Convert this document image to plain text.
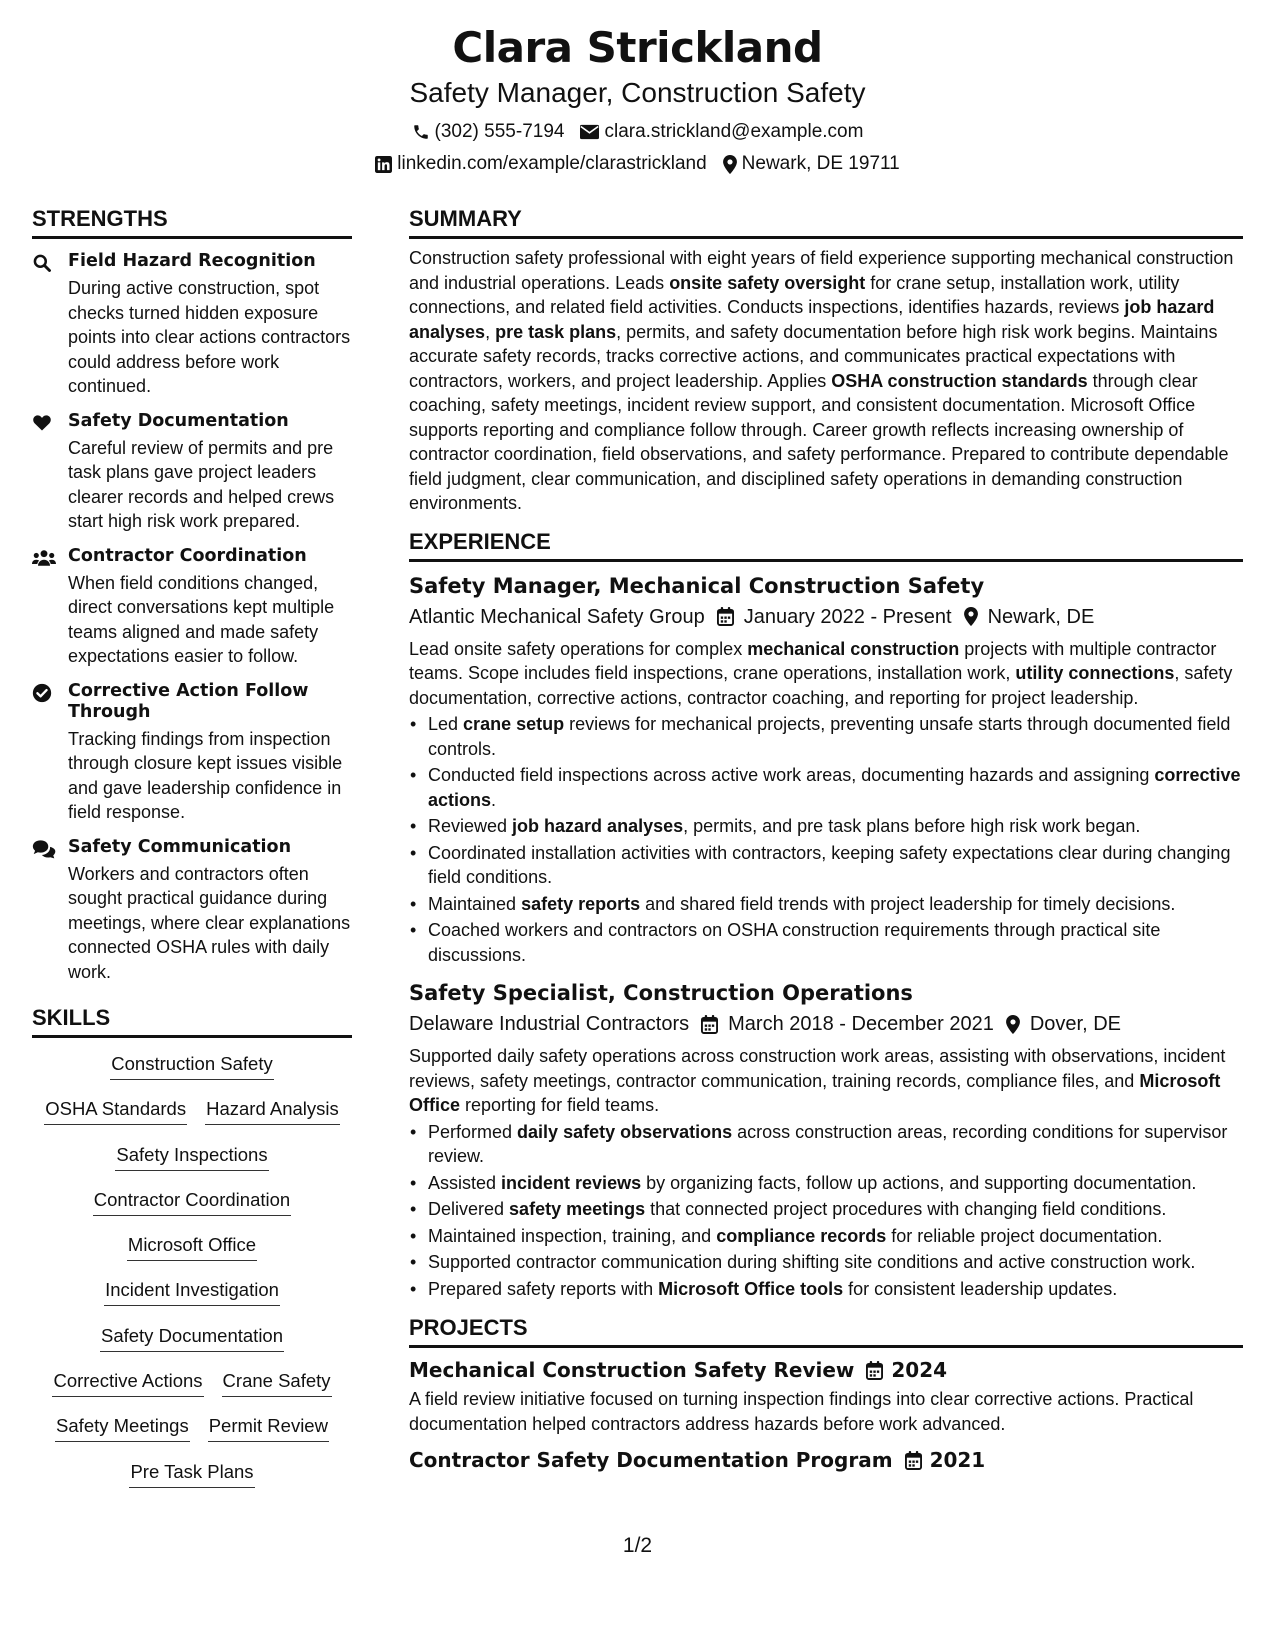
Clara Strickland
Safety Manager, Construction Safety
(302) 555-7194 clara.strickland@example.com
linkedin.com/example/clarastrickland Newark, DE 19711
STRENGTHS
Field Hazard Recognition
During active construction, spot checks turned hidden exposure points into clear actions contractors could address before work continued.
Safety Documentation
Careful review of permits and pre task plans gave project leaders clearer records and helped crews start high risk work prepared.
Contractor Coordination
When field conditions changed, direct conversations kept multiple teams aligned and made safety expectations easier to follow.
Corrective Action Follow Through
Tracking findings from inspection through closure kept issues visible and gave leadership confidence in field response.
Safety Communication
Workers and contractors often sought practical guidance during meetings, where clear explanations connected OSHA rules with daily work.
SKILLS
Construction Safety
OSHA Standards Hazard Analysis
Safety Inspections
Contractor Coordination
Microsoft Office
Incident Investigation
Safety Documentation
Corrective Actions Crane Safety
Safety Meetings Permit Review
Pre Task Plans
SUMMARY
Construction safety professional with eight years of field experience supporting mechanical construction and industrial operations. Leads onsite safety oversight for crane setup, installation work, utility connections, and related field activities. Conducts inspections, identifies hazards, reviews job hazard analyses, pre task plans, permits, and safety documentation before high risk work begins. Maintains accurate safety records, tracks corrective actions, and communicates practical expectations with contractors, workers, and project leadership. Applies OSHA construction standards through clear coaching, safety meetings, incident review support, and consistent documentation. Microsoft Office supports reporting and compliance follow through. Career growth reflects increasing ownership of contractor coordination, field observations, and safety performance. Prepared to contribute dependable field judgment, clear communication, and disciplined safety operations in demanding construction environments.
EXPERIENCE
Safety Manager, Mechanical Construction Safety
Atlantic Mechanical Safety Group January 2022 - Present Newark, DE
Lead onsite safety operations for complex mechanical construction projects with multiple contractor teams. Scope includes field inspections, crane operations, installation work, utility connections, safety documentation, corrective actions, contractor coaching, and reporting for project leadership.
• Led crane setup reviews for mechanical projects, preventing unsafe starts through documented field controls.
• Conducted field inspections across active work areas, documenting hazards and assigning corrective actions.
• Reviewed job hazard analyses, permits, and pre task plans before high risk work began.
• Coordinated installation activities with contractors, keeping safety expectations clear during changing field conditions.
• Maintained safety reports and shared field trends with project leadership for timely decisions.
• Coached workers and contractors on OSHA construction requirements through practical site discussions.
Safety Specialist, Construction Operations
Delaware Industrial Contractors March 2018 - December 2021 Dover, DE
Supported daily safety operations across construction work areas, assisting with observations, incident reviews, safety meetings, contractor communication, training records, compliance files, and Microsoft Office reporting for field teams.
• Performed daily safety observations across construction areas, recording conditions for supervisor review.
• Assisted incident reviews by organizing facts, follow up actions, and supporting documentation.
• Delivered safety meetings that connected project procedures with changing field conditions.
• Maintained inspection, training, and compliance records for reliable project documentation.
• Supported contractor communication during shifting site conditions and active construction work.
• Prepared safety reports with Microsoft Office tools for consistent leadership updates.
PROJECTS
Mechanical Construction Safety Review 2024
A field review initiative focused on turning inspection findings into clear corrective actions. Practical documentation helped contractors address hazards before work advanced.
Contractor Safety Documentation Program 2021
1/2
